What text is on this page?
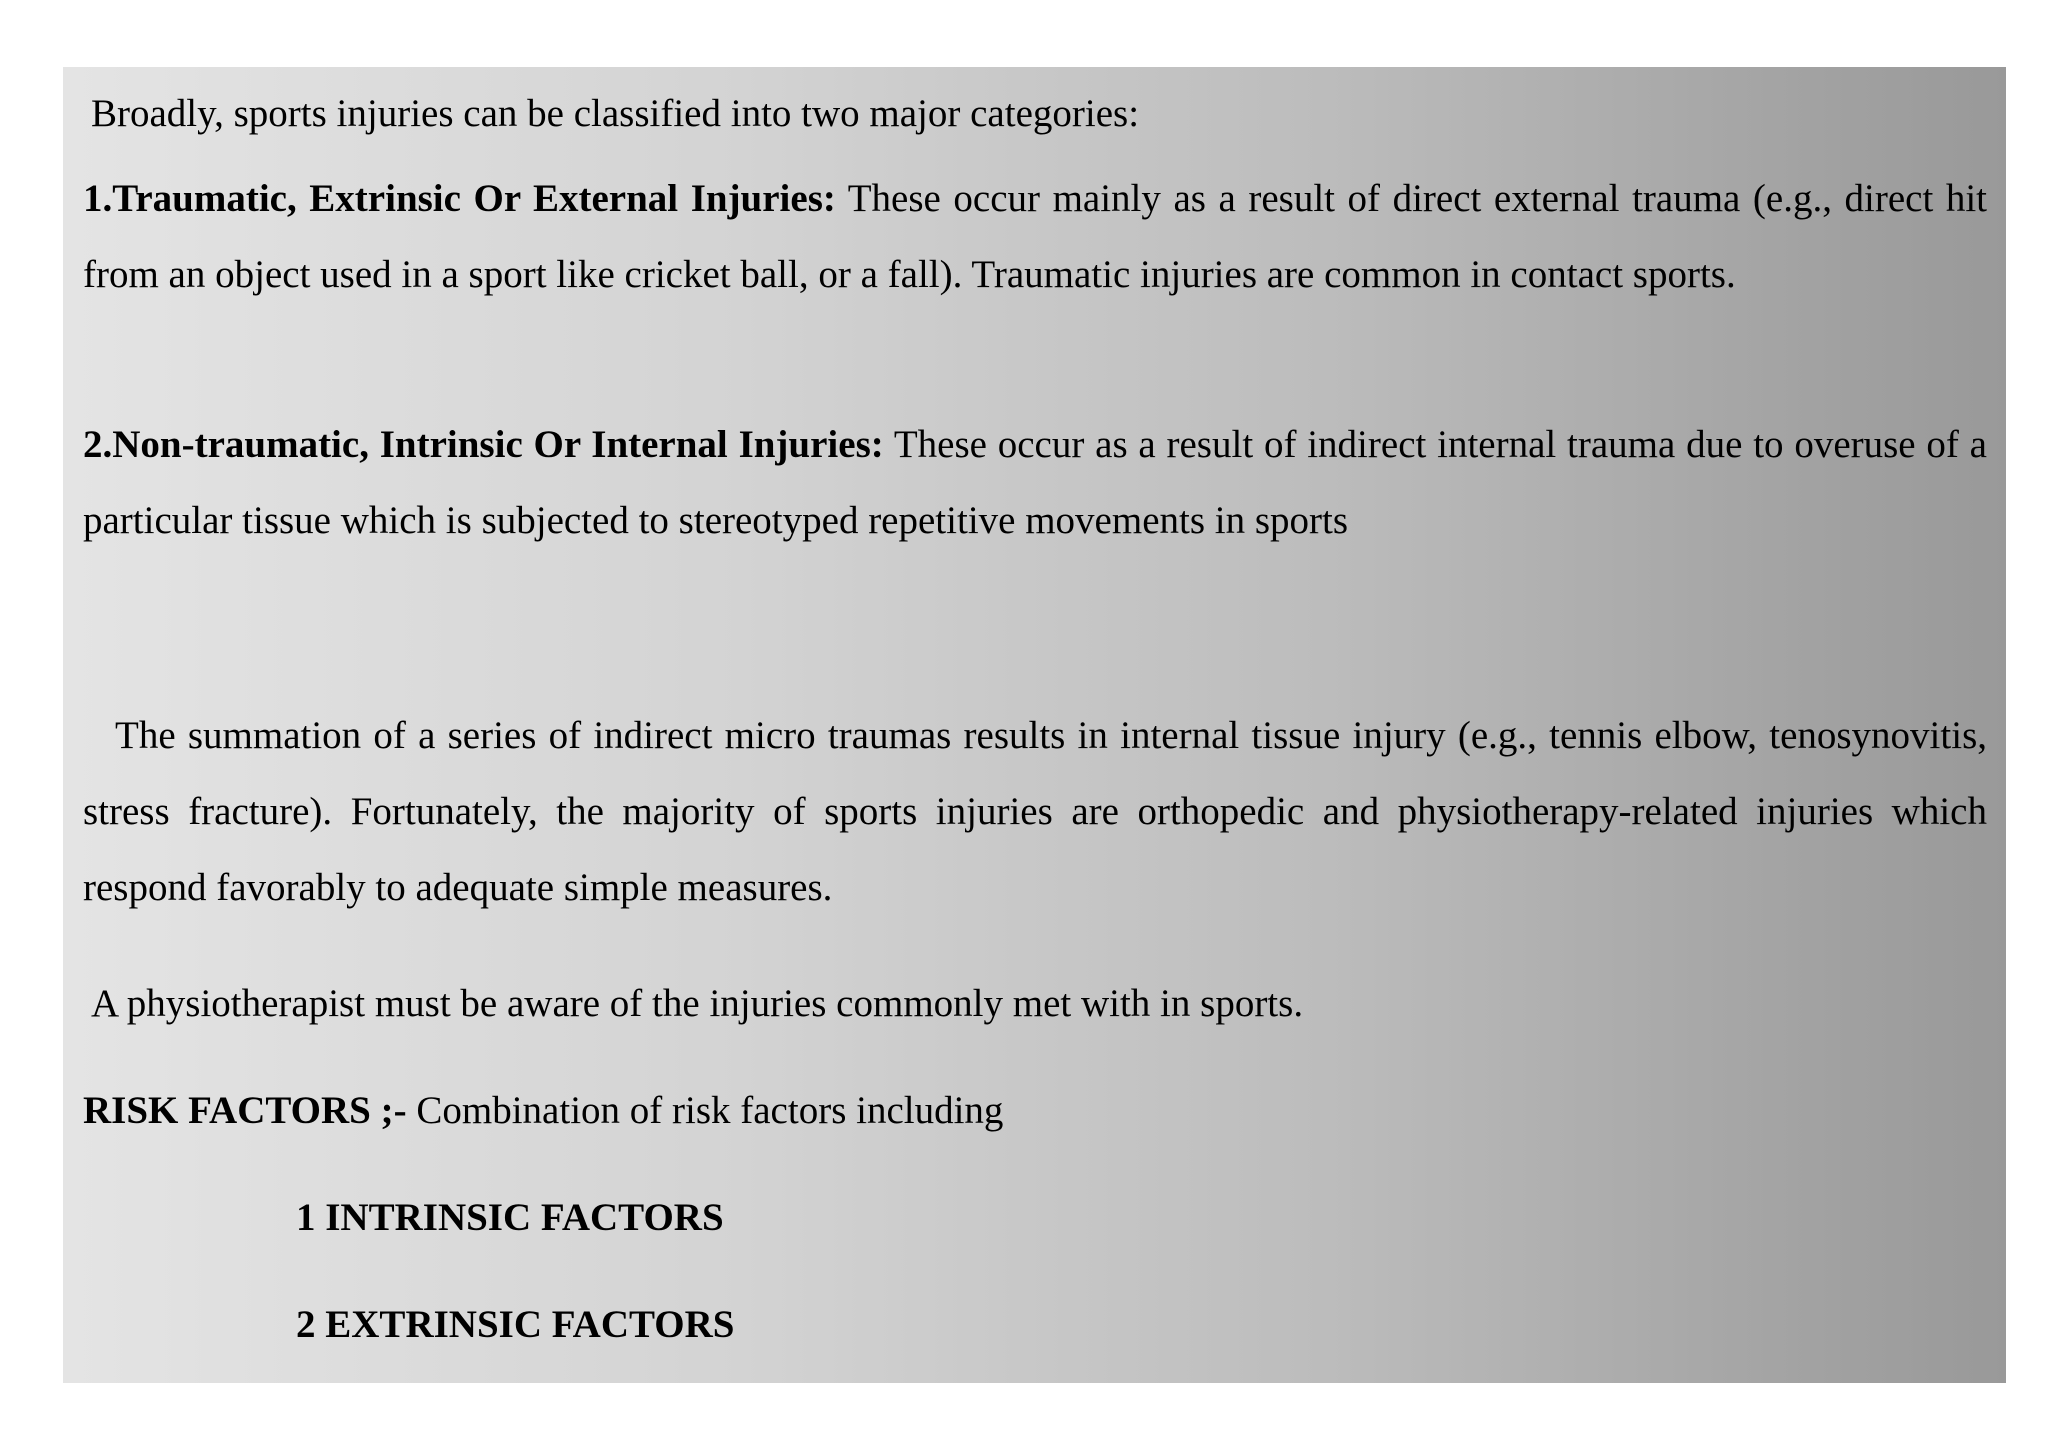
Broadly, sports injuries can be classified into two major categories:

1.Traumatic, Extrinsic Or External Injuries: These occur mainly as a result of direct external trauma (e.g., direct hit from an object used in a sport like cricket ball, or a fall). Traumatic injuries are common in contact sports.

2.Non-traumatic, Intrinsic Or Internal Injuries: These occur as a result of indirect internal trauma due to overuse of a particular tissue which is subjected to stereotyped repetitive movements in sports

The summation of a series of indirect micro traumas results in internal tissue injury (e.g., tennis elbow, tenosynovitis, stress fracture). Fortunately, the majority of sports injuries are orthopedic and physiotherapy-related injuries which respond favorably to adequate simple measures.

A physiotherapist must be aware of the injuries commonly met with in sports.

RISK FACTORS ;- Combination of risk factors including

1 INTRINSIC FACTORS

2 EXTRINSIC FACTORS
